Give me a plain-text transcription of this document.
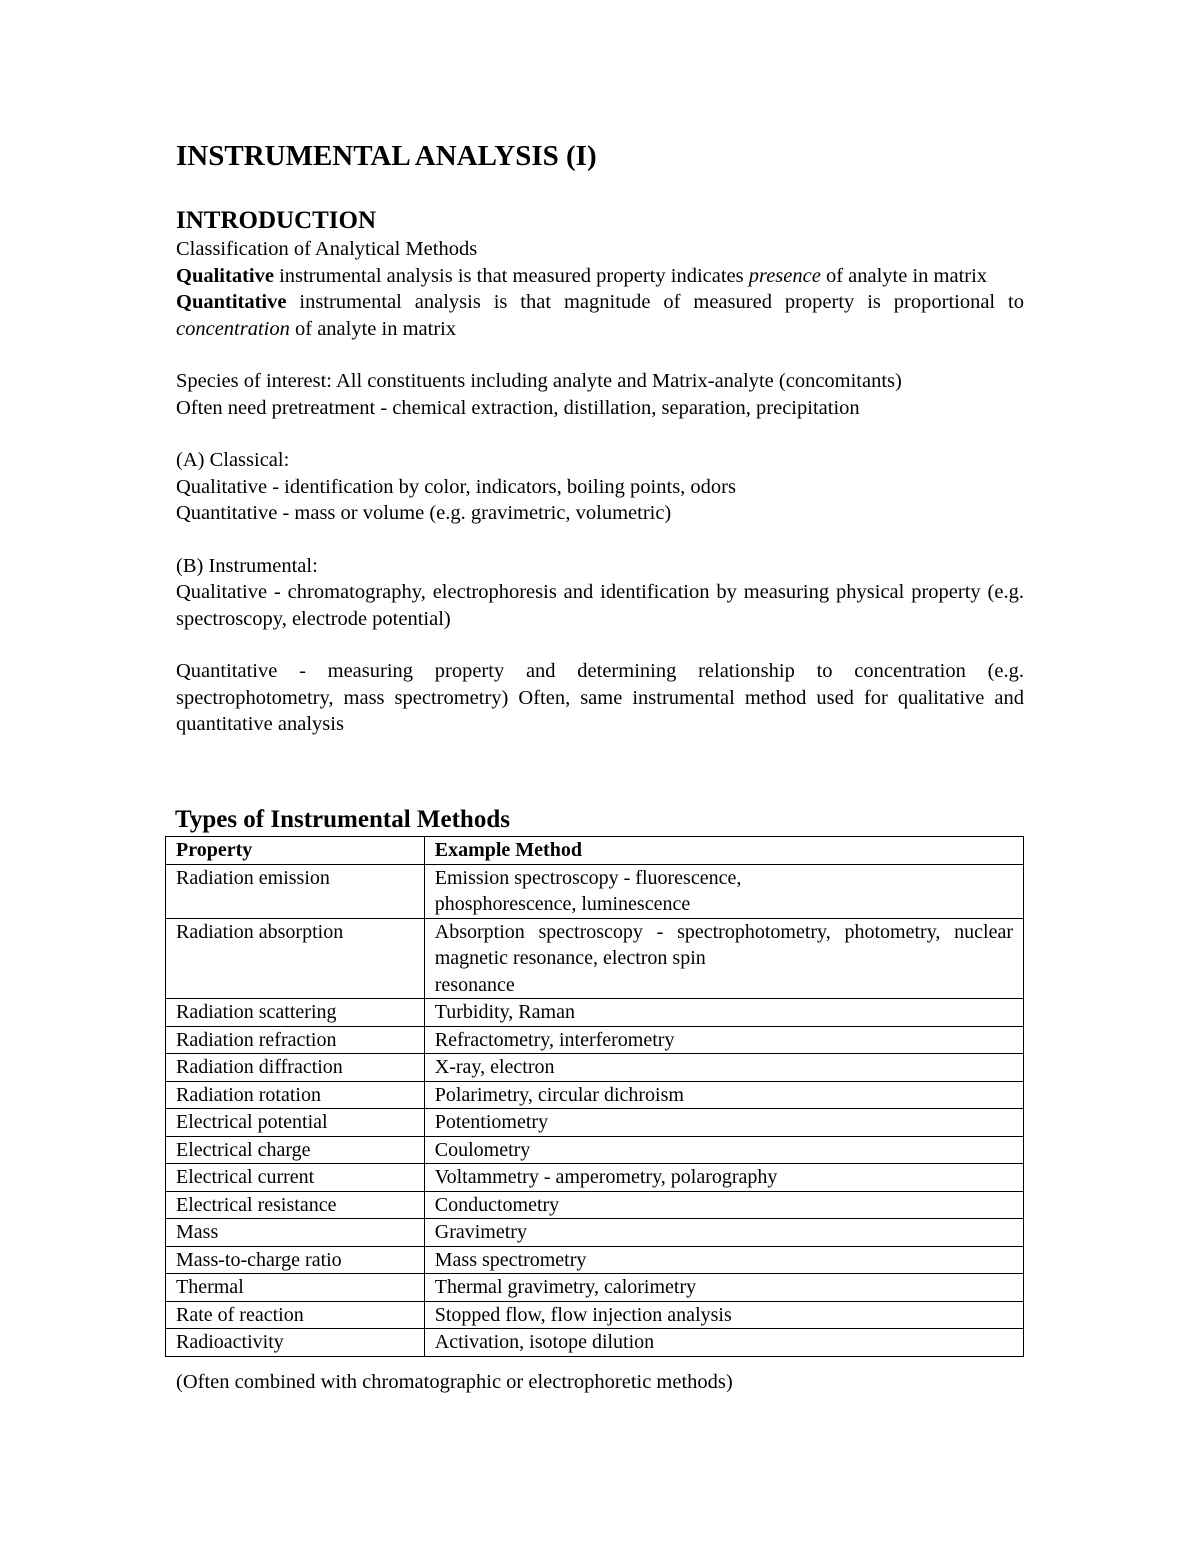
INSTRUMENTAL ANALYSIS (I)
INTRODUCTION

Classification of Analytical Methods

Qualitative instrumental analysis is that measured property indicates presence of analyte in matrix

Quantitative instrumental analysis is that magnitude of measured property is proportional to concentration of analyte in matrix

Species of interest: All constituents including analyte and Matrix-analyte (concomitants)

Often need pretreatment - chemical extraction, distillation, separation, precipitation

(A) Classical:

Qualitative - identification by color, indicators, boiling points, odors

Quantitative - mass or volume (e.g. gravimetric, volumetric)

(B) Instrumental:

Qualitative - chromatography, electrophoresis and identification by measuring physical property (e.g. spectroscopy, electrode potential)

Quantitative - measuring property and determining relationship to concentration (e.g. spectrophotometry, mass spectrometry) Often, same instrumental method used for qualitative and quantitative analysis

Types of Instrumental Methods
Property	Example Method
Radiation emission	Emission spectroscopy - fluorescence,
phosphorescence, luminescence
Radiation absorption	Absorption spectroscopy - spectrophotometry, photometry, nuclear magnetic resonance, electron spin
resonance
Radiation scattering	Turbidity, Raman
Radiation refraction	Refractometry, interferometry
Radiation diffraction	X-ray, electron
Radiation rotation	Polarimetry, circular dichroism
Electrical potential	Potentiometry
Electrical charge	Coulometry
Electrical current	Voltammetry - amperometry, polarography
Electrical resistance	Conductometry
Mass	Gravimetry
Mass-to-charge ratio	Mass spectrometry
Thermal	Thermal gravimetry, calorimetry
Rate of reaction	Stopped flow, flow injection analysis
Radioactivity	Activation, isotope dilution

(Often combined with chromatographic or electrophoretic methods)
